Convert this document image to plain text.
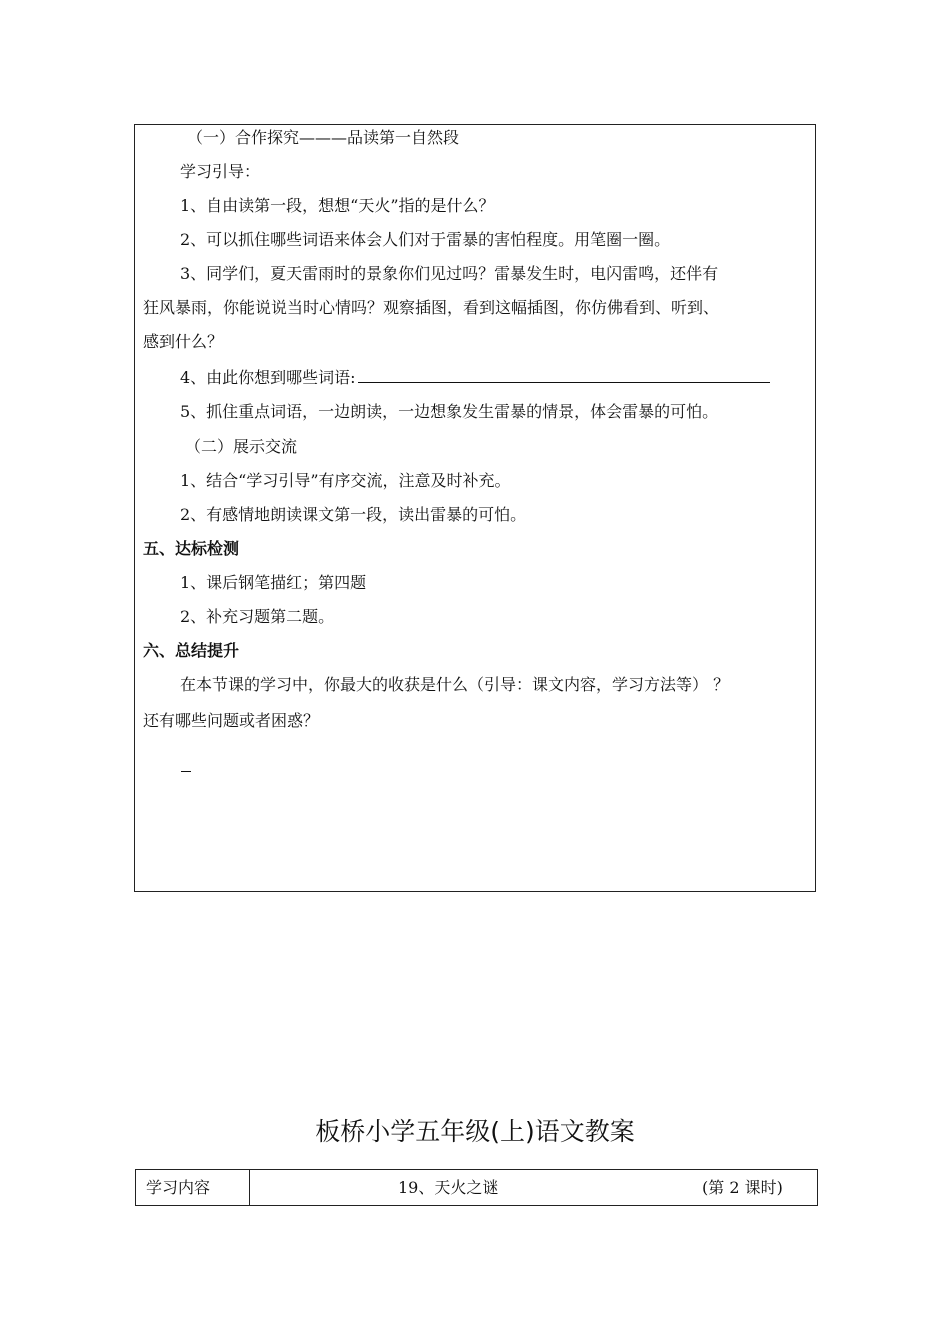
（一）合作探究———品读第一自然段
学习引导：
1、自由读第一段，想想“天火”指的是什么？
2、可以抓住哪些词语来体会人们对于雷暴的害怕程度。用笔圈一圈。
3、同学们，夏天雷雨时的景象你们见过吗？雷暴发生时，电闪雷鸣，还伴有
狂风暴雨，你能说说当时心情吗？观察插图，看到这幅插图，你仿佛看到、听到、
感到什么？
4、由此你想到哪些词语:
5、抓住重点词语，一边朗读，一边想象发生雷暴的情景，体会雷暴的可怕。
（二）展示交流
1、结合“学习引导”有序交流，注意及时补充。
2、有感情地朗读课文第一段，读出雷暴的可怕。
五、达标检测
1、课后钢笔描红；第四题
2、补充习题第二题。
六、总结提升
在本节课的学习中，你最大的收获是什么（引导：课文内容，学习方法等） ？
还有哪些问题或者困惑？
板桥小学五年级(上)语文教案
学习内容	19、天火之谜	(第 2 课时)
